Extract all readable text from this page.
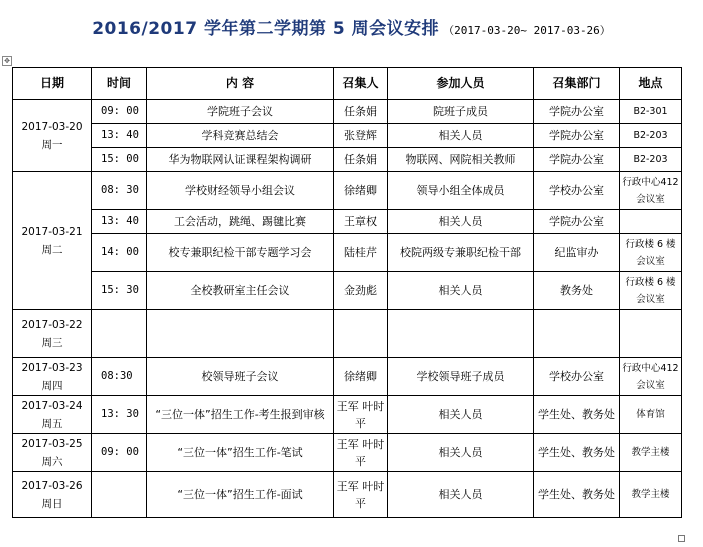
2016/2017 学年第二学期第 5 周会议安排 （2017-03-20~ 2017-03-26）
✥
日期	时间	内 容	召集人	参加人员	召集部门	地点

2017-03-20
周一	09: 00	学院班子会议	任条娟	院班子成员	学院办公室	B2-301
	13: 40	学科竞赛总结会	张登辉	相关人员	学院办公室	B2-203
	15: 00	华为物联网认证课程架构调研	任条娟	物联网、网院相关教师	学院办公室	B2-203

2017-03-21
周二	08: 30	学校财经领导小组会议	徐绪卿	领导小组全体成员	学校办公室	行政中心412 会议室
	13: 40	工会活动，跳绳、踢毽比赛	王章权	相关人员	学院办公室	
	14: 00	校专兼职纪检干部专题学习会	陆桂芹	校院两级专兼职纪检干部	纪监审办	行政楼 6 楼会议室
	15: 30	全校教研室主任会议	金劲彪	相关人员	教务处	行政楼 6 楼会议室

2017-03-22
周三						

2017-03-23
周四	08:30	校领导班子会议	徐绪卿	学校领导班子成员	学校办公室	行政中心412 会议室

2017-03-24
周五	13: 30	“三位一体”招生工作-考生报到审核	王军 叶时平	相关人员	学生处、教务处	体育馆

2017-03-25
周六	09: 00	“三位一体”招生工作-笔试	王军 叶时平	相关人员	学生处、教务处	教学主楼

2017-03-26
周日		“三位一体”招生工作-面试	王军 叶时平	相关人员	学生处、教务处	教学主楼
